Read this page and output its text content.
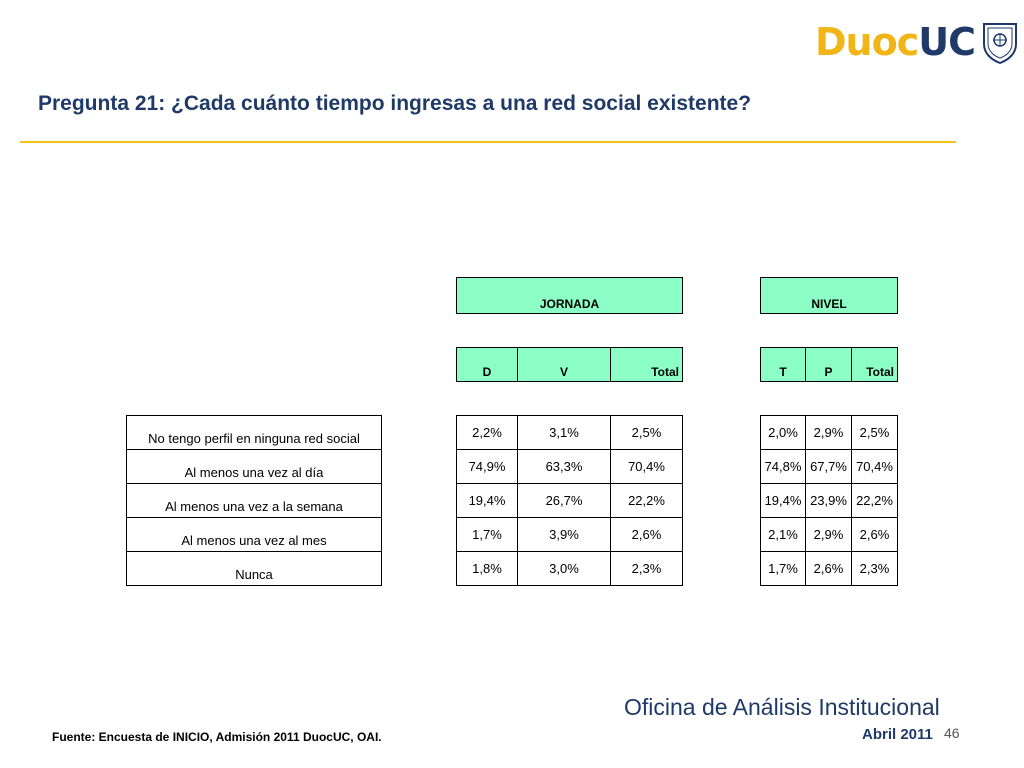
Duoc UC
Pregunta 21: ¿Cada cuánto tiempo ingresas a una red social existente?
JORNADA	NIVEL
D	V	Total	T	P	Total
No tengo perfil en ninguna red social	2,2%	3,1%	2,5%	2,0%	2,9%	2,5%
Al menos una vez al día	74,9%	63,3%	70,4%	74,8% 67,7% 70,4%
Al menos una vez a la semana	19,4%	26,7%	22,2%	19,4% 23,9% 22,2%
Al menos una vez al mes	1,7%	3,9%	2,6%	2,1%	2,9%	2,6%
Nunca	1,8%	3,0%	2,3%	1,7%	2,6%	2,3%
Fuente: Encuesta de INICIO, Admisión 2011 DuocUC, OAI.
Oficina de Análisis Institucional
Abril 2011 46
